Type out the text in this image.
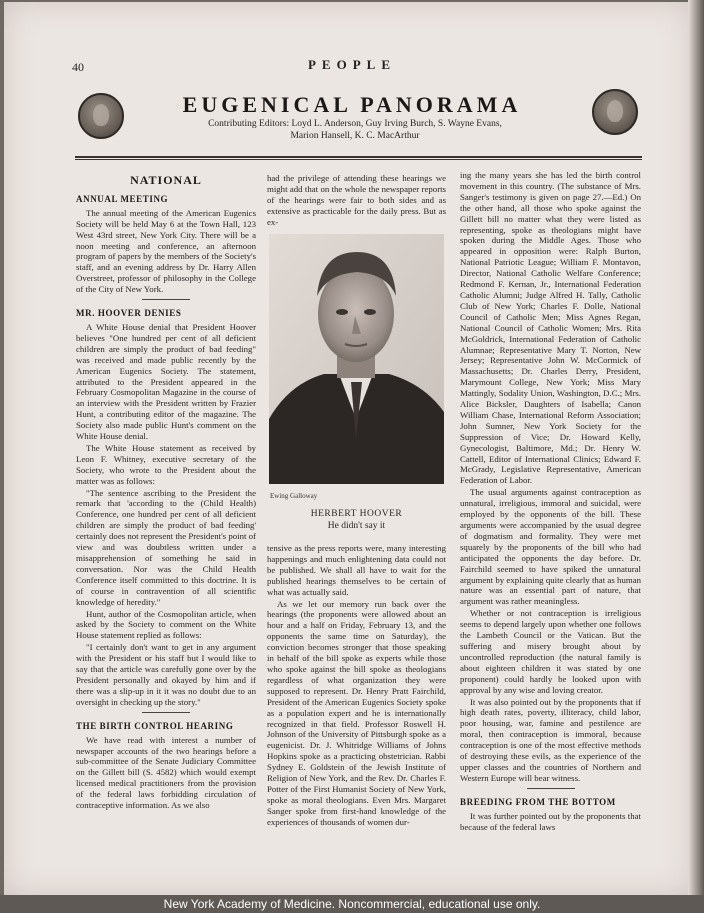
40	PEOPLE
EUGENICAL PANORAMA
Contributing Editors: Loyd L. Anderson, Guy Irving Burch, S. Wayne Evans,
Marion Hansell, K. C. MacArthur
NATIONAL
ANNUAL MEETING

The annual meeting of the American Eugenics Society will be held May 6 at the Town Hall, 123 West 43rd street, New York City. There will be a noon meeting and conference, an afternoon program of papers by the members of the Society's staff, and an evening address by Dr. Harry Allen Overstreet, professor of philosophy in the College of the City of New York.

MR. HOOVER DENIES

A White House denial that President Hoover believes "One hundred per cent of all deficient children are simply the product of bad feeding" was received and made public recently by the American Eugenics Society. The statement, attributed to the President appeared in the February Cosmopolitan Magazine in the course of an interview with the President written by Frazier Hunt, a contributing editor of the magazine. The Society also made public Hunt's comment on the White House denial.

The White House statement as received by Leon F. Whitney, executive secretary of the Society, who wrote to the President about the matter was as follows:

"The sentence ascribing to the President the remark that 'according to the (Child Health) Conference, one hundred per cent of all deficient children are simply the product of bad feeding' certainly does not represent the President's point of view and was doubtless written under a misapprehension of something he said in conversation. Nor was the Child Health Conference itself committed to this doctrine. It is of course in contravention of all scientific knowledge of heredity."

Hunt, author of the Cosmopolitan article, when asked by the Society to comment on the White House statement replied as follows:

"I certainly don't want to get in any argument with the President or his staff but I would like to say that the article was carefully gone over by the President personally and okayed by him and if there was a slip-up in it it was no doubt due to an oversight in checking up the story."

THE BIRTH CONTROL HEARING

We have read with interest a number of newspaper accounts of the two hearings before a sub-committee of the Senate Judiciary Committee on the Gillett bill (S. 4582) which would exempt licensed medical practitioners from the provision of the federal laws forbidding circulation of contraceptive information. As we also

had the privilege of attending these hearings we might add that on the whole the newspaper reports of the hearings were fair to both sides and as extensive as practicable for the daily press. But as ex-

Ewing Galloway
HERBERT HOOVER
He didn't say it

tensive as the press reports were, many interesting happenings and much enlightening data could not be published. We shall all have to wait for the published hearings themselves to be certain of what was actually said.

As we let our memory run back over the hearings (the proponents were allowed about an hour and a half on Friday, February 13, and the opponents the same time on Saturday), the conviction becomes stronger that those speaking in behalf of the bill spoke as experts while those who spoke against the bill spoke as theologians regardless of what organization they were supposed to represent. Dr. Henry Pratt Fairchild, President of the American Eugenics Society spoke as a population expert and he is internationally recognized in that field. Professor Roswell H. Johnson of the University of Pittsburgh spoke as a eugenicist. Dr. J. Whitridge Williams of Johns Hopkins spoke as a practicing obstetrician. Rabbi Sydney E. Goldstein of the Jewish Institute of Religion of New York, and the Rev. Dr. Charles F. Potter of the First Humanist Society of New York, spoke as moral theologians. Even Mrs. Margaret Sanger spoke from first-hand knowledge of the experiences of thousands of women dur-

ing the many years she has led the birth control movement in this country. (The substance of Mrs. Sanger's testimony is given on page 27.—Ed.) On the other hand, all those who spoke against the Gillett bill no matter what they were listed as representing, spoke as theologians might have spoken during the Middle Ages. Those who appeared in opposition were: Ralph Burton, National Patriotic League; William F. Montavon, Director, National Catholic Welfare Conference; Redmond F. Kernan, Jr., International Federation Catholic Alumni; Judge Alfred H. Tally, Catholic Club of New York; Charles F. Dolle, National Council of Catholic Men; Miss Agnes Regan, National Council of Catholic Women; Mrs. Rita McGoldrick, International Federation of Catholic Alumnae; Representative Mary T. Norton, New Jersey; Representative John W. McCormick of Massachusetts; Dr. Charles Derry, President, Marymount College, New York; Miss Mary Mattingly, Sodality Union, Washington, D.C.; Mrs. Alice Bicksler, Daughters of Isabella; Canon William Chase, International Reform Association; John Sumner, New York Society for the Suppression of Vice; Dr. Howard Kelly, Gynecologist, Baltimore, Md.; Dr. Henry W. Cattell, Editor of International Clinics; Edward F. McGrady, Legislative Representative, American Federation of Labor.

The usual arguments against contraception as unnatural, irreligious, immoral and suicidal, were employed by the opponents of the bill. These arguments were accompanied by the usual degree of dogmatism and formality. They were met squarely by the proponents of the bill who had anticipated the opponents the day before. Dr. Fairchild seemed to have spiked the unnatural argument by explaining quite clearly that as human nature was an essential part of nature, that argument was rather meaningless.

Whether or not contraception is irreligious seems to depend largely upon whether one follows the Lambeth Council or the Vatican. But the suffering and misery brought about by uncontrolled reproduction (the natural family is about eighteen children it was stated by one proponent) could hardly be looked upon with approval by any wise and loving creator.

It was also pointed out by the proponents that if high death rates, poverty, illiteracy, child labor, poor housing, war, famine and pestilence are moral, then contraception is immoral, because contraception is one of the most effective methods of destroying these evils, as the experience of the upper classes and the countries of Northern and Western Europe will bear witness.

BREEDING FROM THE BOTTOM

It was further pointed out by the proponents that because of the federal laws

New York Academy of Medicine. Noncommercial, educational use only.
